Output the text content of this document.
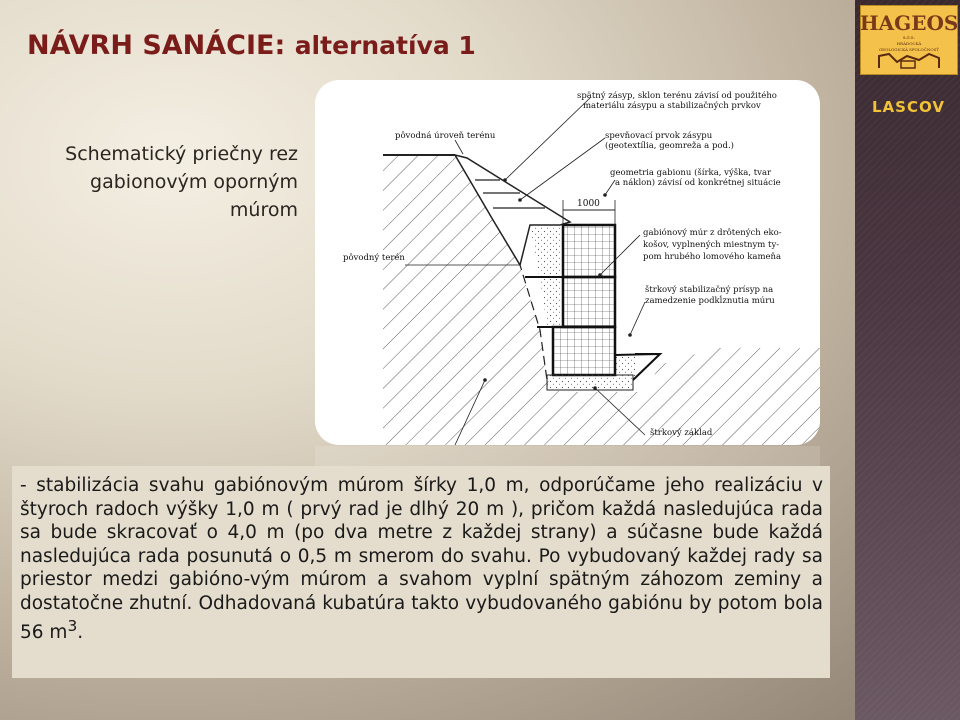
HAGEOS
s.r.o.
HRÁDOCKÁ
GEOLOGICKÁ SPOLOČNOSŤ
LASCOV
NÁVRH SANÁCIE: alternatíva 1
Schematický priečny rez gabionovým oporným múrom	1000
spätný zásyp, sklon terénu závisí od použitého
materiálu zásypu a stabilizačných prvkov
spevňovací prvok zásypu
(geotextília, geomreža a pod.)
geometria gabionu (šírka, výška, tvar
a náklon) závisí od konkrétnej situácie
pôvodná úroveň terénu
gabiónový múr z drôtených eko-
košov, vyplnených miestnym ty-
pom hrubého lomového kameňa
pôvodný terén
štrkový stabilizačný prísyp na
zamedzenie podkĺznutia múru
štrkový základ
- stabilizácia svahu gabiónovým múrom šírky 1,0 m, odporúčame jeho realizáciu v štyroch radoch výšky 1,0 m ( prvý rad je dlhý 20 m ), pričom každá nasledujúca rada sa bude skracovať o 4,0 m (po dva metre z každej strany) a súčasne bude každá nasledujúca rada posunutá o 0,5 m smerom do svahu. Po vybudovaný každej rady sa priestor medzi gabióno-vým múrom a svahom vyplní spätným záhozom zeminy a dostatočne zhutní. Odhadovaná kubatúra takto vybudovaného gabiónu by potom bola 56 $m^3$.
